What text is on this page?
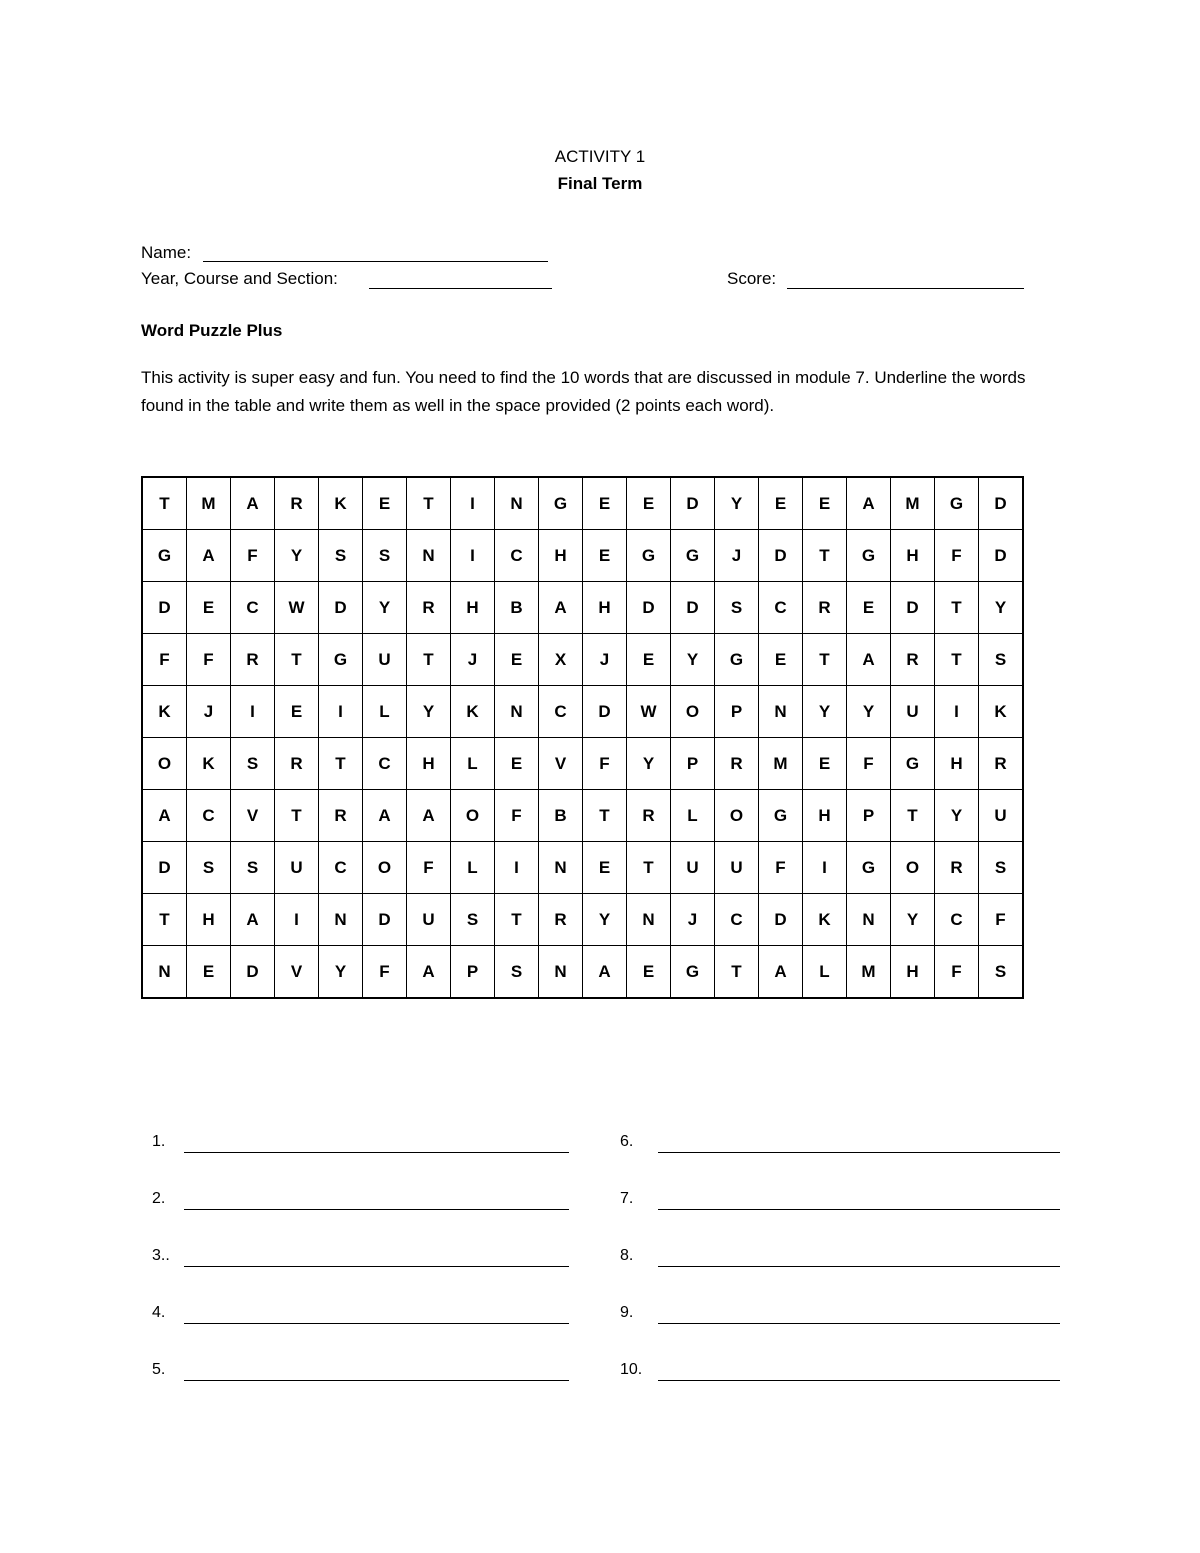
ACTIVITY 1
Final Term
Name:
Year, Course and Section:	Score:
Word Puzzle Plus
This activity is super easy and fun. You need to find the 10 words that are discussed in module 7. Underline the words found in the table and write them as well in the space provided (2 points each word).
T	M	A	R	K	E	T	I	N	G	E	E	D	Y	E	E	A	M	G	D
G	A	F	Y	S	S	N	I	C	H	E	G	G	J	D	T	G	H	F	D
D	E	C	W	D	Y	R	H	B	A	H	D	D	S	C	R	E	D	T	Y
F	F	R	T	G	U	T	J	E	X	J	E	Y	G	E	T	A	R	T	S
K	J	I	E	I	L	Y	K	N	C	D	W	O	P	N	Y	Y	U	I	K
O	K	S	R	T	C	H	L	E	V	F	Y	P	R	M	E	F	G	H	R
A	C	V	T	R	A	A	O	F	B	T	R	L	O	G	H	P	T	Y	U
D	S	S	U	C	O	F	L	I	N	E	T	U	U	F	I	G	O	R	S
T	H	A	I	N	D	U	S	T	R	Y	N	J	C	D	K	N	Y	C	F
N	E	D	V	Y	F	A	P	S	N	A	E	G	T	A	L	M	H	F	S
1.
2.
3..
4.
5.
6.
7.
8.
9.
10.
